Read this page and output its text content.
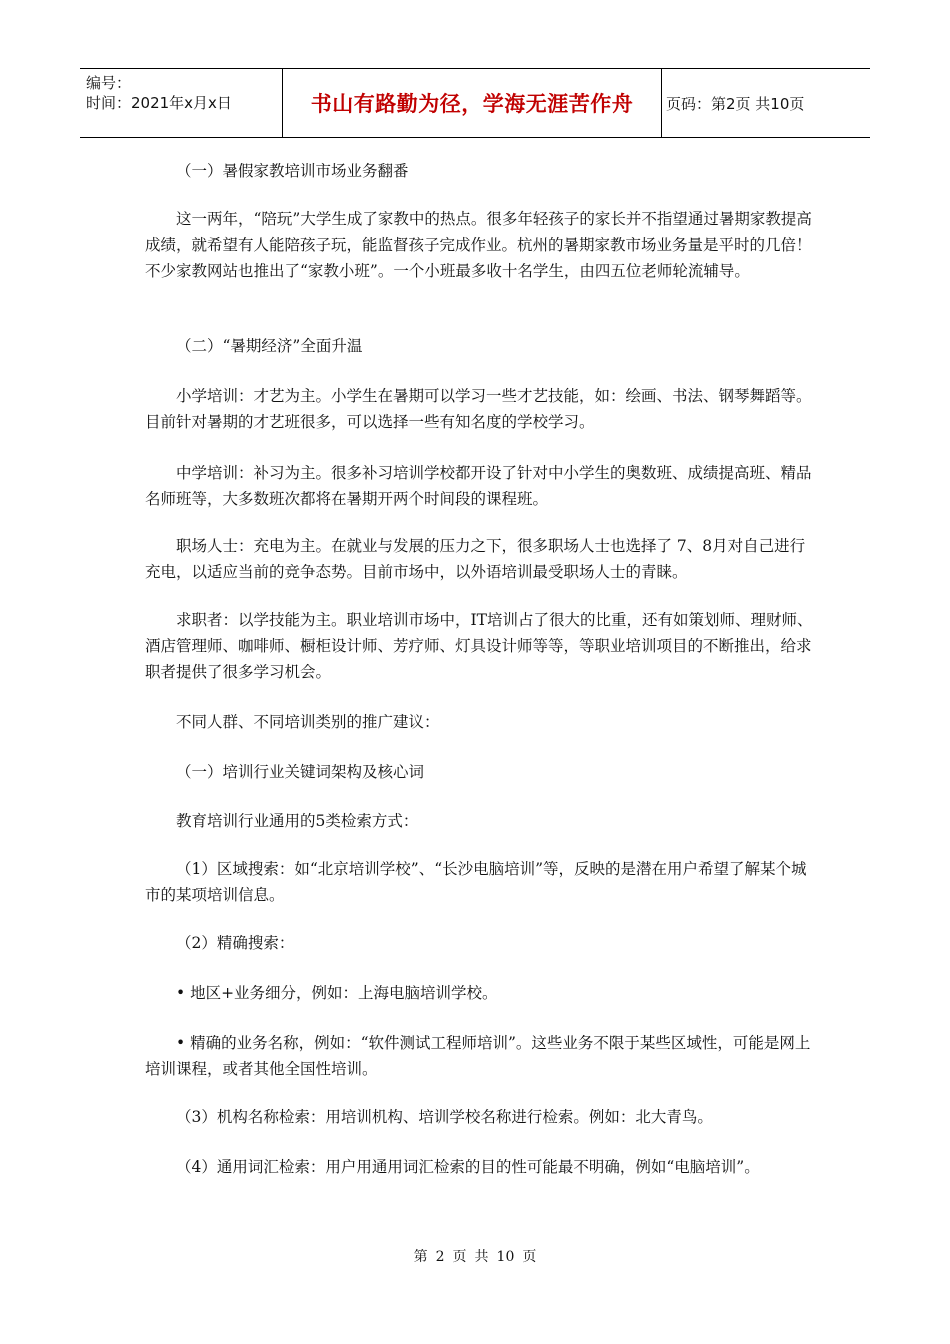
编号：
时间：2021年x月x日	书山有路勤为径，学海无涯苦作舟	页码：第2页 共10页

（一）暑假家教培训市场业务翻番

这一两年，“陪玩”大学生成了家教中的热点。很多年轻孩子的家长并不指望通过暑期家教提高成绩，就希望有人能陪孩子玩，能监督孩子完成作业。杭州的暑期家教市场业务量是平时的几倍！不少家教网站也推出了“家教小班”。一个小班最多收十名学生，由四五位老师轮流辅导。

（二）“暑期经济”全面升温

小学培训：才艺为主。小学生在暑期可以学习一些才艺技能，如：绘画、书法、钢琴舞蹈等。目前针对暑期的才艺班很多，可以选择一些有知名度的学校学习。

中学培训：补习为主。很多补习培训学校都开设了针对中小学生的奥数班、成绩提高班、精品名师班等，大多数班次都将在暑期开两个时间段的课程班。

职场人士：充电为主。在就业与发展的压力之下，很多职场人士也选择了 7、8月对自己进行充电，以适应当前的竞争态势。目前市场中，以外语培训最受职场人士的青睐。

求职者：以学技能为主。职业培训市场中，IT培训占了很大的比重，还有如策划师、理财师、酒店管理师、咖啡师、橱柜设计师、芳疗师、灯具设计师等等，等职业培训项目的不断推出，给求职者提供了很多学习机会。

不同人群、不同培训类别的推广建议：

（一）培训行业关键词架构及核心词

教育培训行业通用的5类检索方式：

（1）区域搜索：如“北京培训学校”、“长沙电脑培训”等，反映的是潜在用户希望了解某个城市的某项培训信息。

（2）精确搜索：

• 地区+业务细分，例如：上海电脑培训学校。

• 精确的业务名称，例如：“软件测试工程师培训”。这些业务不限于某些区域性，可能是网上培训课程，或者其他全国性培训。

（3）机构名称检索：用培训机构、培训学校名称进行检索。例如：北大青鸟。

（4）通用词汇检索：用户用通用词汇检索的目的性可能最不明确，例如“电脑培训”。

第 2 页 共 10 页
